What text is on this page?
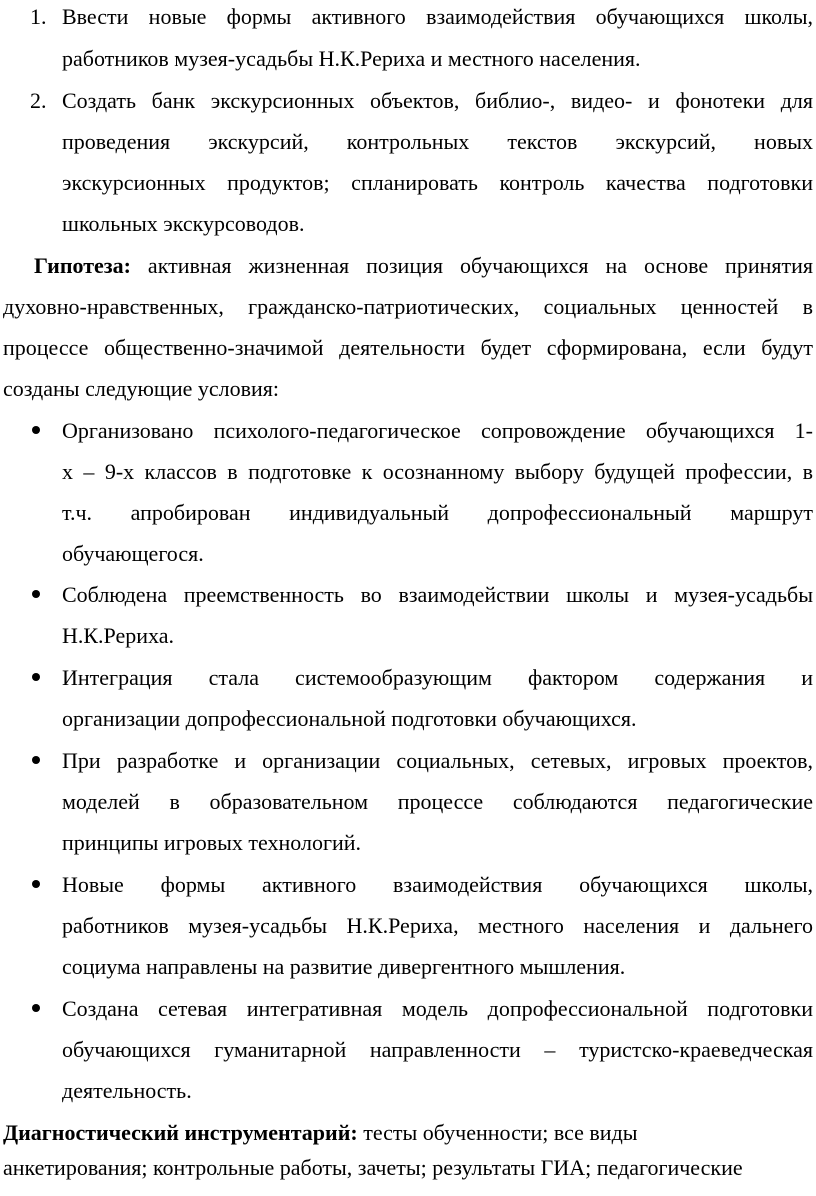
1. Ввести новые формы активного взаимодействия обучающихся школы,
работников музея-усадьбы Н.К.Рериха и местного населения.
2. Создать банк экскурсионных объектов, библио-, видео- и фонотеки для
проведения экскурсий, контрольных текстов экскурсий, новых
экскурсионных продуктов; спланировать контроль качества подготовки
школьных экскурсоводов.
Гипотеза: активная жизненная позиция обучающихся на основе принятия
духовно-нравственных, гражданско-патриотических, социальных ценностей в
процессе общественно-значимой деятельности будет сформирована, если будут
созданы следующие условия:
Организовано психолого-педагогическое сопровождение обучающихся 1-
х – 9-х классов в подготовке к осознанному выбору будущей профессии, в
т.ч. апробирован индивидуальный допрофессиональный маршрут
обучающегося.
Соблюдена преемственность во взаимодействии школы и музея-усадьбы
Н.К.Рериха.
Интеграция стала системообразующим фактором содержания и
организации допрофессиональной подготовки обучающихся.
При разработке и организации социальных, сетевых, игровых проектов,
моделей в образовательном процессе соблюдаются педагогические
принципы игровых технологий.
Новые формы активного взаимодействия обучающихся школы,
работников музея-усадьбы Н.К.Рериха, местного населения и дальнего
социума направлены на развитие дивергентного мышления.
Создана сетевая интегративная модель допрофессиональной подготовки
обучающихся гуманитарной направленности – туристско-краеведческая
деятельность.
Диагностический инструментарий: тесты обученности; все виды
анкетирования; контрольные работы, зачеты; результаты ГИА; педагогические
